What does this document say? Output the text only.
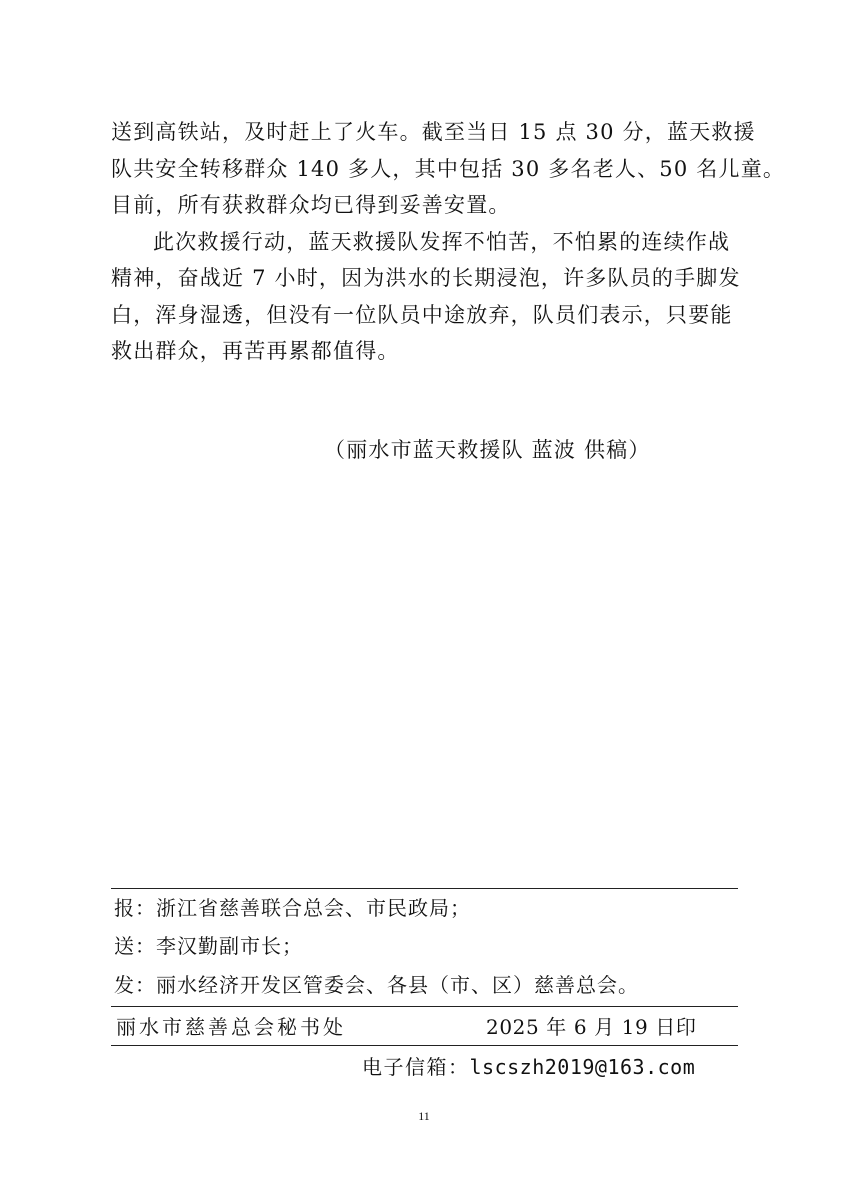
送到高铁站，及时赶上了火车。截至当日 15 点 30 分，蓝天救援
队共安全转移群众 140 多人，其中包括 30 多名老人、50 名儿童。
目前，所有获救群众均已得到妥善安置。
此次救援行动，蓝天救援队发挥不怕苦，不怕累的连续作战
精神，奋战近 7 小时，因为洪水的长期浸泡，许多队员的手脚发
白，浑身湿透，但没有一位队员中途放弃，队员们表示，只要能
救出群众，再苦再累都值得。
（丽水市蓝天救援队 蓝波 供稿）
报：浙江省慈善联合总会、市民政局；
送：李汉勤副市长；
发：丽水经济开发区管委会、各县（市、区）慈善总会。
丽水市慈善总会秘书处	2025 年 6 月 19 日印
电子信箱：lscszh2019@163.com
11
